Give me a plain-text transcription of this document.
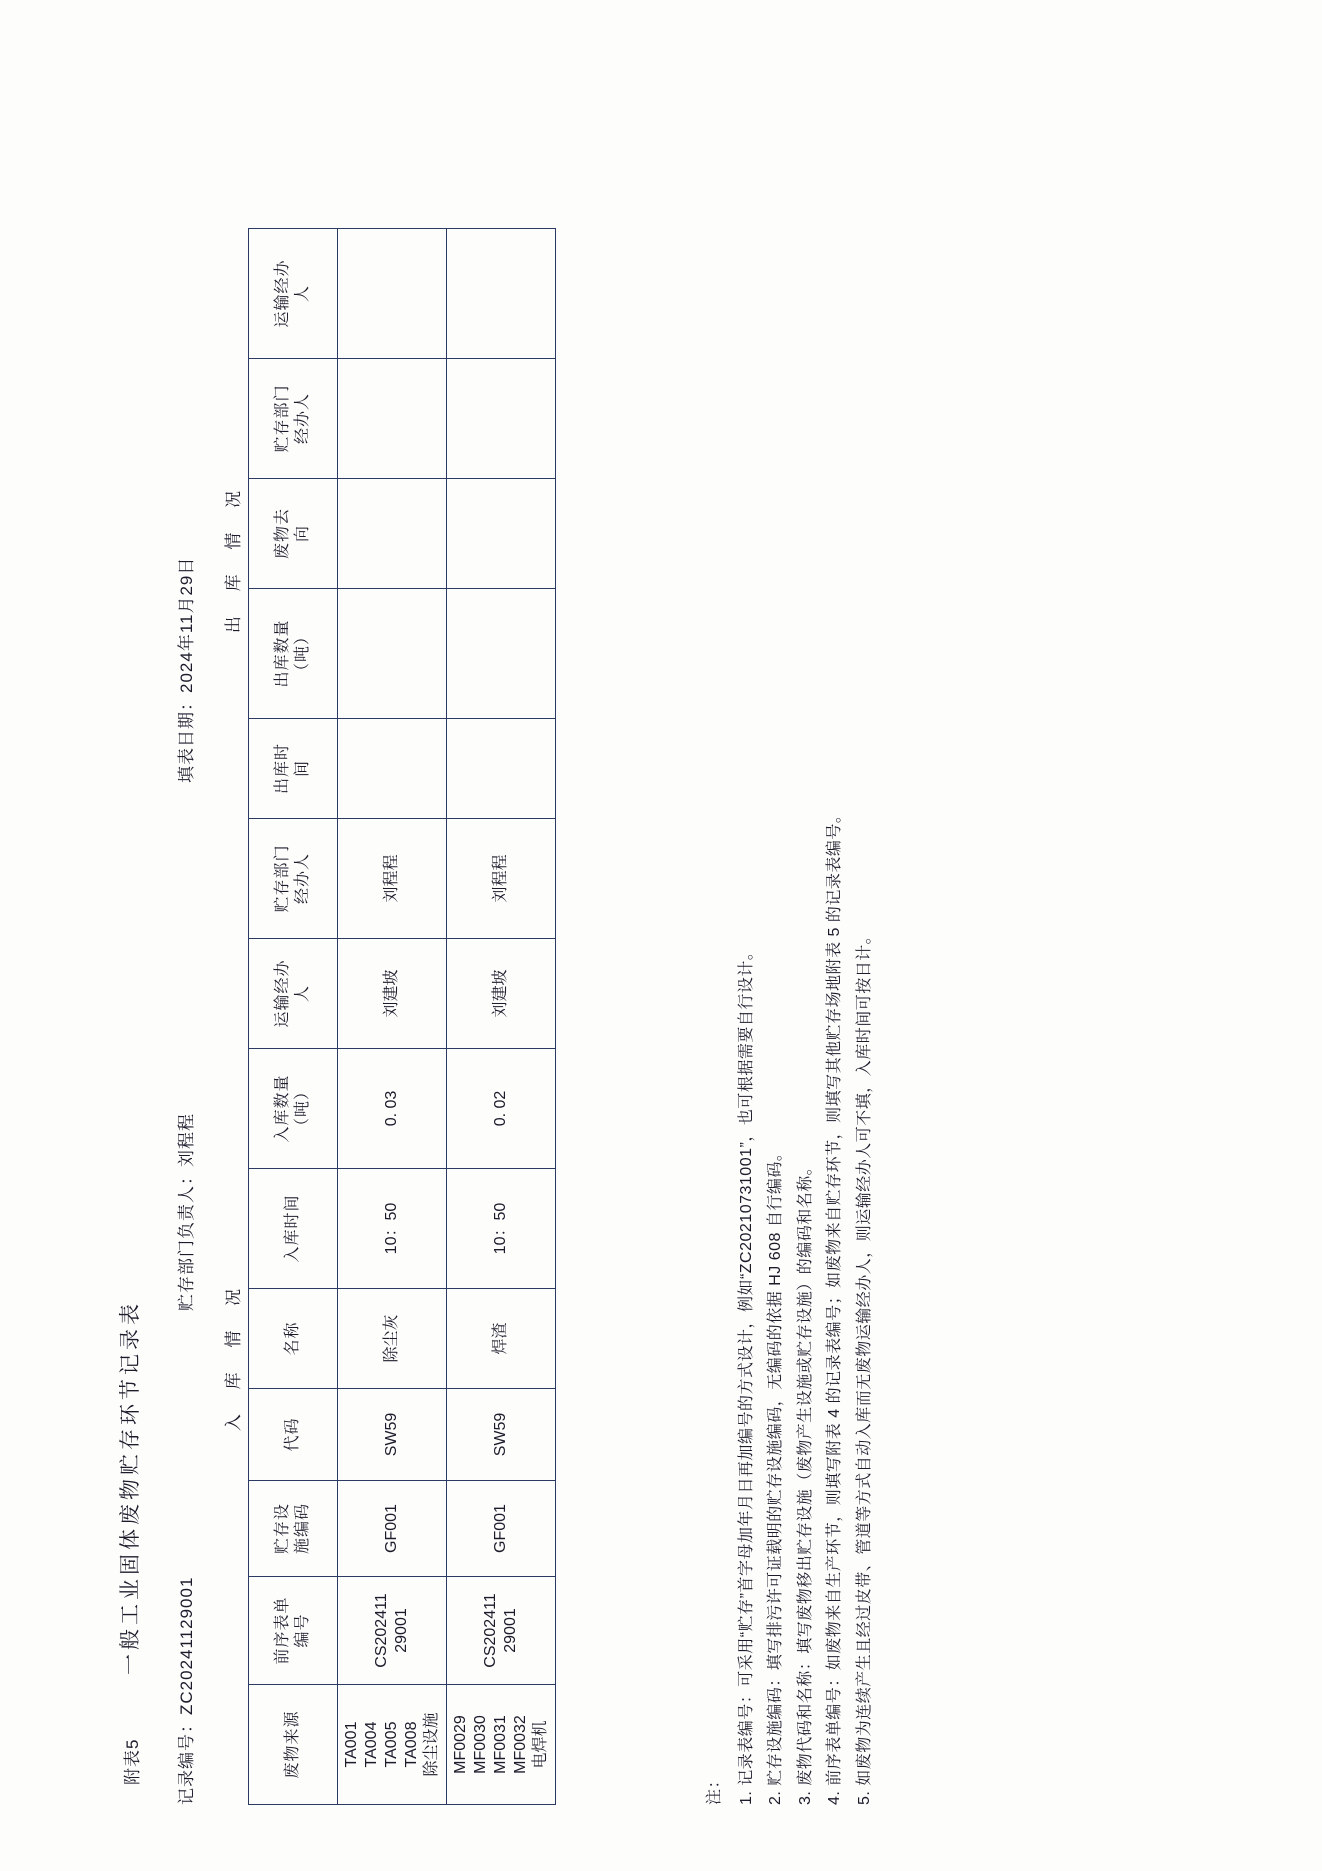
附表5
一般工业固体废物贮存环节记录表
记录编号：ZC20241129001
贮存部门负责人：刘程程
填表日期：2024年11月29日
入 库 情 况
出 库 情 况
废物来源	前序表单 编号	贮存设 施编码	代码	名称	入库时间	入库数量 （吨）	运输经办 人	贮存部门 经办人	出库时 间	出库数量 （吨）	废物去 向	贮存部门 经办人	运输经办 人
TA001 TA004 TA005 TA008 除尘设施	CS202411 29001	GF001	SW59	除尘灰	10：50	0. 03	刘建坡	刘程程					
MF0029 MF0030 MF0031 MF0032 电焊机	CS202411 29001	GF001	SW59	焊渣	10：50	0. 02	刘建坡	刘程程					
注： 1. 记录表编号：可采用“贮存”首字母加年月日再加编号的方式设计，例如“ZC20210731001”，也可根据需要自行设计。 2. 贮存设施编码：填写排污许可证载明的贮存设施编码，无编码的依据 HJ 608 自行编码。 3. 废物代码和名称：填写废物移出贮存设施（废物产生设施或贮存设施）的编码和名称。 4. 前序表单编号：如废物来自生产环节，则填写附表 4 的记录表编号；如废物来自贮存环节，则填写其他贮存场地附表 5 的记录表编号。 5. 如废物为连续产生且经过皮带、管道等方式自动入库而无废物运输经办人，则运输经办人可不填，入库时间可按日计。
